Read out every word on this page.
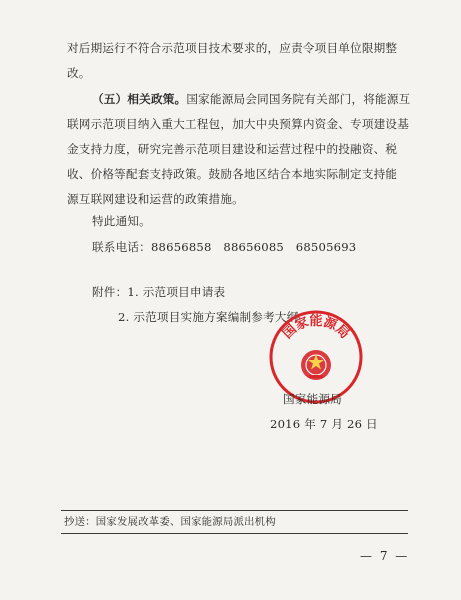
对后期运行不符合示范项目技术要求的，应责令项目单位限期整
改。
（五）相关政策。国家能源局会同国务院有关部门，将能源互
联网示范项目纳入重大工程包，加大中央预算内资金、专项建设基
金支持力度，研究完善示范项目建设和运营过程中的投融资、税
收、价格等配套支持政策。鼓励各地区结合本地实际制定支持能
源互联网建设和运营的政策措施。
特此通知。
联系电话：88656858　88656085　68505693
附件：1. 示范项目申请表
2. 示范项目实施方案编制参考大纲
国家能源局
国家能源局
2016 年 7 月 26 日
抄送：国家发展改革委、国家能源局派出机构
— 7 —
